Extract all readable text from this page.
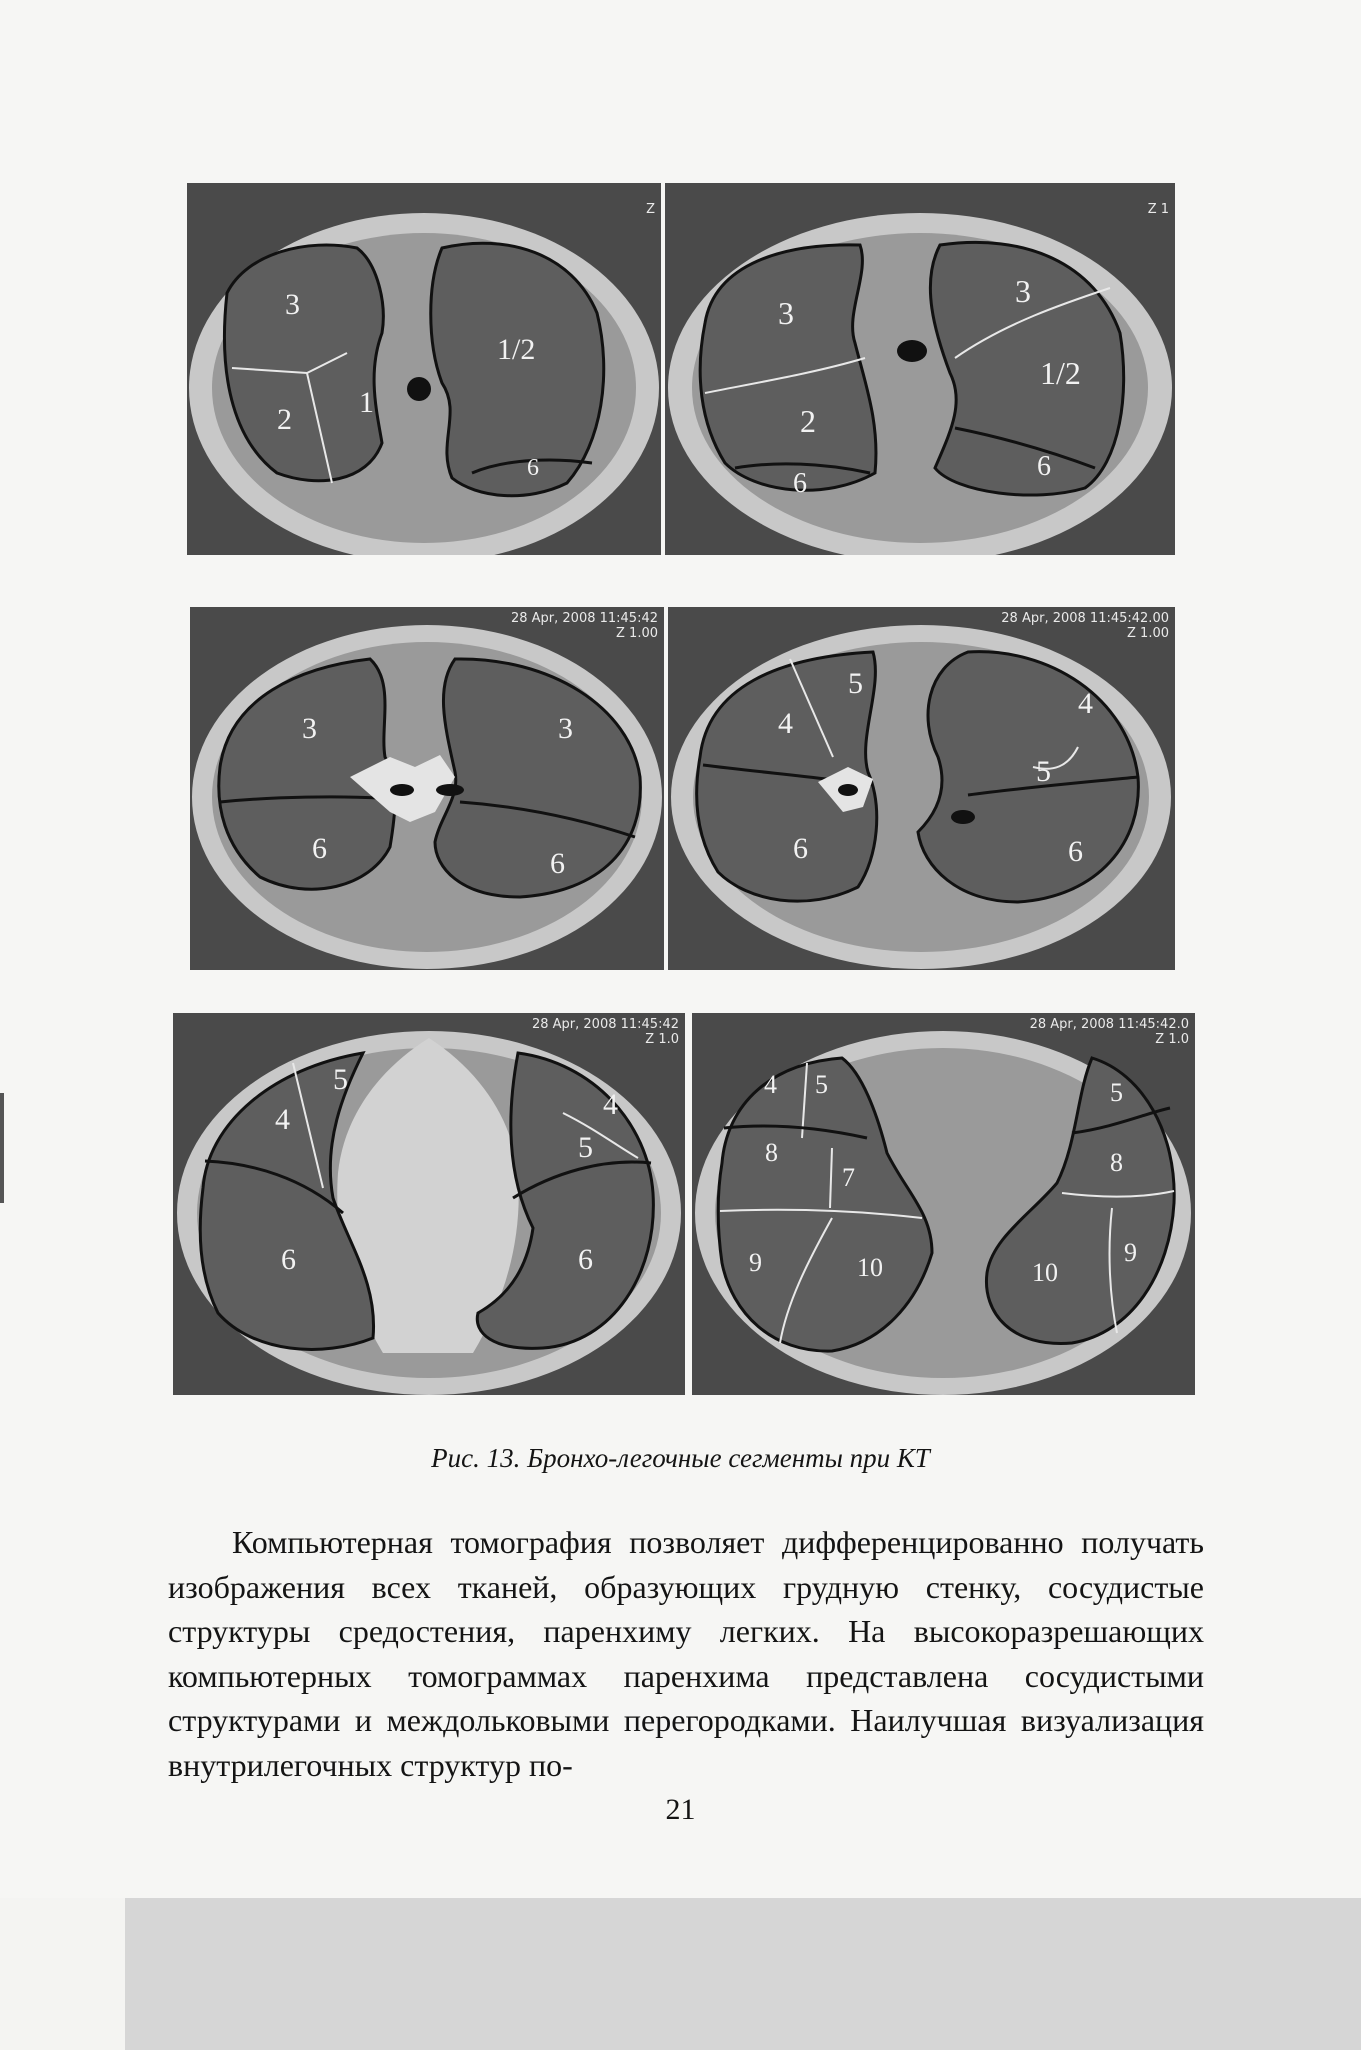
Z
3
2
1
1/2
6

Z 1
3
2
3
1/2
6
6
28 Apr, 2008 11:45:42
Z 1.00
3
6
3
6
28 Apr, 2008 11:45:42.00
Z 1.00
4
5
6
4
5
6
28 Apr, 2008 11:45:42
Z 1.0
5
4
6
4
5
6
28 Apr, 2008 11:45:42.0
Z 1.0
4 5
8
7
9	10
5
8
10
9
Рис. 13. Бронхо-легочные сегменты при КТ

Компьютерная томография позволяет дифференцированно получать изображения всех тканей, образующих грудную стенку, сосудистые структуры средостения, паренхиму легких. На высокоразрешающих компьютерных томограммах паренхима представлена сосудистыми структурами и междольковыми перегородками. Наилучшая визуализация внутрилегочных структур по-

21
